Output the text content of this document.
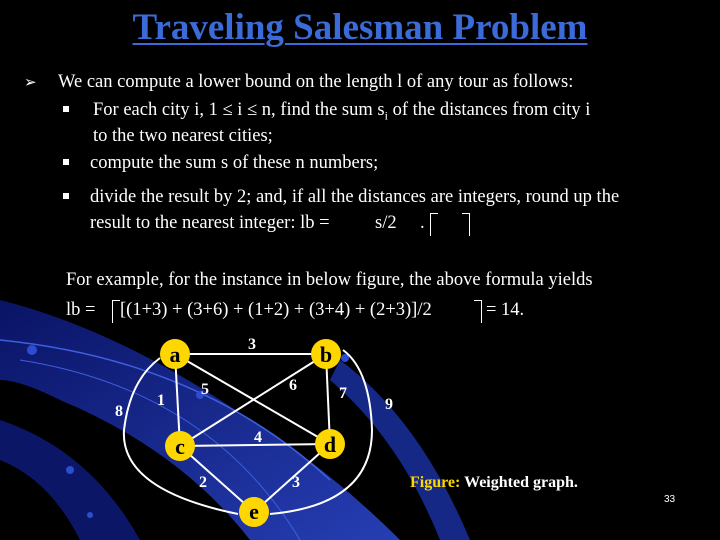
Traveling Salesman Problem
➢ We can compute a lower bound on the length l of any tour as follows:
For each city i, 1 ≤ i ≤ n, find the sum $s_i$ of the distances from city i
to the two nearest cities;
compute the sum s of these n numbers;
divide the result by 2; and, if all the distances are integers, round up the
result to the nearest integer: lb = s/2 .
For example, for the instance in below figure, the above formula yields
lb = [(1+3) + (3+6) + (1+2) + (3+4) + (2+3)]/2	= 14.
a	b
c	d
e
3
1
5
8
6	7
9
4
2	3	Figure: Weighted graph.
33
